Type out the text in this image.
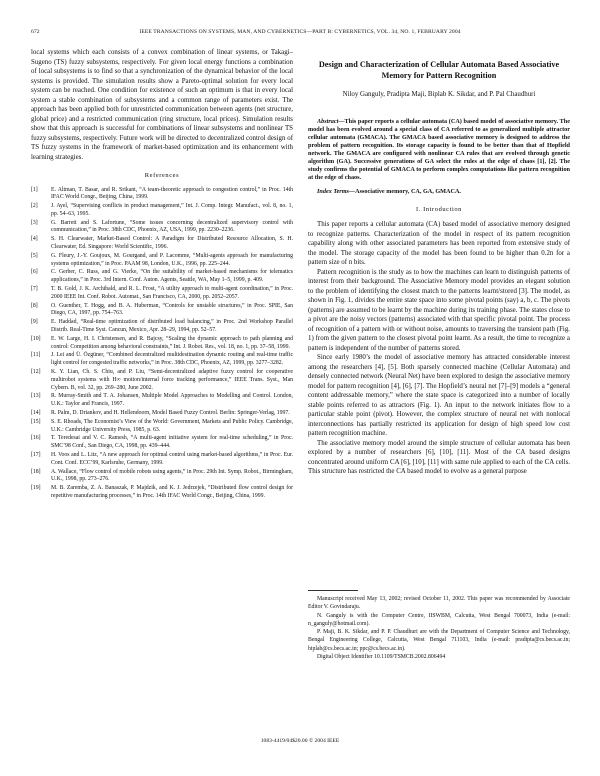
672	IEEE TRANSACTIONS ON SYSTEMS, MAN, AND CYBERNETICS—PART B: CYBERNETICS, VOL. 34, NO. 1, FEBRUARY 2004

local systems which each consists of a convex combination of linear systems, or Takagi–Sugeno (TS) fuzzy subsystems, respectively. For given local energy functions a combination of local subsystems is to find so that a synchronization of the dynamical behavior of the local systems is provided. The simulation results show a Pareto-optimal solution for every local system can be reached. One condition for existence of such an optimum is that in every local system a stable combination of subsystems and a common range of parameters exist. The approach has been applied both for unrestricted communication between agents (net structure, global price) and a restricted communication (ring structure, local prices). Simulation results show that this approach is successful for combinations of linear subsystems and nonlinear TS fuzzy subsystems, respectively. Future work will be directed to decentralized control design of TS fuzzy systems in the framework of market-based optimization and its enhancement with learning strategies.

References
[1]	E. Altman, T. Basar, and R. Srikant, “A team-theoretic approach to congestion control,” in Proc. 14th IFAC World Congr., Beijing, China, 1999.
[2]	J. Ayel, “Supervising conflicts in product management,” Int. J. Comp. Integr. Manufact., vol. 8, no. 1, pp. 54–63, 1995.
[3]	G. Barrett and S. Lafortune, “Some issues concerning decentralized supervisory control with communication,” in Proc. 38th CDC, Phoenix, AZ, USA, 1999, pp. 2230–2236.
[4]	S. H. Clearwater, Market-Based Control: A Paradigm for Distributed Resource Allocation, S. H. Clearwater, Ed. Singapore: World Scientific, 1996.
[5]	G. Fleury, J.-Y. Goujoux, M. Gourgand, and P. Lacomme, “Multi-agents approach for manufacturing systems optimization,” in Proc. PAAM 98, London, U.K., 1996, pp. 225–244.
[6]	C. Gerber, C. Russ, and G. Vierke, “On the suitability of market-based mechanisms for telematics applications,” in Proc. 3rd Intern. Conf. Auton. Agents, Seattle, WA, May 1–5, 1999, p. 409.
[7]	T. B. Gold, J. K. Archibald, and R. L. Frost, “A utility approach to multi-agent coordination,” in Proc. 2000 IEEE Int. Conf. Robot. Automat., San Francisco, CA, 2000, pp. 2052–2057.
[8]	O. Guenther, T. Hogg, and B. A. Huberman, “Controls for unstable structures,” in Proc. SPIE, San Diego, CA, 1997, pp. 754–763.
[9]	E. Haddad, “Real-time optimization of distributed load balancing,” in Proc. 2nd Workshop Parallel Distrib. Real-Time Syst. Cancun, Mexico, Apr. 28–29, 1994, pp. 52–57.
[10]	E. W. Large, H. I. Christensen, and R. Bajcsy, “Scaling the dynamic approach to path planning and control: Competition among behavioral constraints,” Int. J. Robot. Res., vol. 18, no. 1, pp. 37–58, 1999.
[11]	J. Lei and Ü. Özgüner, “Combined decentralized multidestination dynamic routing and real-time traffic light control for congested traffic networks,” in Proc. 38th CDC, Phoenix, AZ, 1999, pp. 3277–3282.
[12]	K. Y. Lian, Ch. S. Chiu, and P. Liu, “Semi-decentralized adaptive fuzzy control for cooperative multirobot systems with H∞ motion/internal force tracking performance,” IEEE Trans. Syst., Man Cybern. B, vol. 32, pp. 269–280, June 2002.
[13]	R. Murray-Smith and T. A. Johansen, Multiple Model Approaches to Modelling and Control. London, U.K.: Taylor and Francis, 1997.
[14]	R. Palm, D. Driankov, and H. Hellendoorn, Model Based Fuzzy Control. Berlin: Springer-Verlag, 1997.
[15]	S. E. Rhoads, The Economist’s View of the World: Government, Markets and Public Policy. Cambridge, U.K.: Cambridge University Press, 1985, p. 63.
[16]	T. Teredesai and V. C. Ramesh, “A multi-agent initiative system for real-time scheduling,” in Proc. SMC’98 Conf., San Diego, CA, 1998, pp. 439–444.
[17]	H. Voos and L. Litz, “A new approach for optimal control using market-based algorithms,” in Proc. Eur. Cont. Conf. ECC’99, Karlsruhe, Germany, 1999.
[18]	A. Wallace, “Flow control of mobile robots using agents,” in Proc. 29th Int. Symp. Robot., Birmingham, U.K., 1998, pp. 273–276.
[19]	M. B. Zaremba, Z. A. Banaszak, P. Majdzik, and K. J. Jedrzejek, “Distributed flow control design for repetitive manufacturing processes,” in Proc. 14th IFAC World Congr., Beijing, China, 1999.
Design and Characterization of Cellular Automata Based Associative Memory for Pattern Recognition
Niloy Ganguly, Pradipta Maji, Biplab K. Sikdar, and P. Pal Chaudhuri
Abstract—This paper reports a cellular automata (CA) based model of associative memory. The model has been evolved around a special class of CA referred to as generalized multiple attractor cellular automata (GMACA). The GMACA based associative memory is designed to address the problem of pattern recognition. Its storage capacity is found to be better than that of Hopfield network. The GMACA are configured with nonlinear CA rules that are evolved through genetic algorithm (GA). Successive generations of GA select the rules at the edge of chaos [1], [2]. The study confirms the potential of GMACA to perform complex computations like pattern recognition at the edge of chaos.
Index Terms—Associative memory, CA, GA, GMACA.
I. Introduction

This paper reports a cellular automata (CA) based model of associative memory designed to recognize patterns. Characterization of the model in respect of its pattern recognition capability along with other associated parameters has been reported from extensive study of the model. The storage capacity of the model has been found to be higher than 0.2n for a pattern size of n bits.

Pattern recognition is the study as to how the machines can learn to distinguish patterns of interest from their background. The Associative Memory model provides an elegant solution to the problem of identifying the closest match to the patterns learnt/stored [3]. The model, as shown in Fig. 1, divides the entire state space into some pivotal points (say) a, b, c. The pivots (patterns) are assumed to be learnt by the machine during its training phase. The states close to a pivot are the noisy vectors (patterns) associated with that specific pivotal point. The process of recognition of a pattern with or without noise, amounts to traversing the transient path (Fig. 1) from the given pattern to the closest pivotal point learnt. As a result, the time to recognize a pattern is independent of the number of patterns stored.

Since early 1980’s the model of associative memory has attracted considerable interest among the researchers [4], [5]. Both sparsely connected machine (Cellular Automata) and densely connected network (Neural Net) have been explored to design the associative memory model for pattern recognition [4], [6], [7]. The Hopfield’s neural net [7]–[9] models a “general content addressable memory,” where the state space is categorized into a number of locally stable points referred to as attractors (Fig. 1). An input to the network initiates flow to a particular stable point (pivot). However, the complex structure of neural net with nonlocal interconnections has partially restricted its application for design of high speed low cost pattern recognition machine.

The associative memory model around the simple structure of cellular automata has been explored by a number of researchers [6], [10], [11]. Most of the CA based designs concentrated around uniform CA [6], [10], [11] with same rule applied to each of the CA cells. This structure has restricted the CA based model to evolve as a general purpose

Manuscript received May 13, 2002; revised October 11, 2002. This paper was recommended by Associate Editor V. Govindaraju.

N. Ganguly is with the Computer Centre, IISWBM, Calcutta, West Bengal 700073, India (e-mail: n_ganguly@hotmail.com).

P. Maji, B. K. Sikdar, and P. P. Chaudhuri are with the Department of Computer Science and Technology, Bengal Engineering College, Calcutta, West Bengal 711103, India (e-mail: pradipta@cs.becs.ac.in; biplab@cs.becs.ac.in; ppc@cs.becs.ac.in).

Digital Object Identifier 10.1109/TSMCB.2002.806494

1083-4419/04$20.00 © 2004 IEEE
